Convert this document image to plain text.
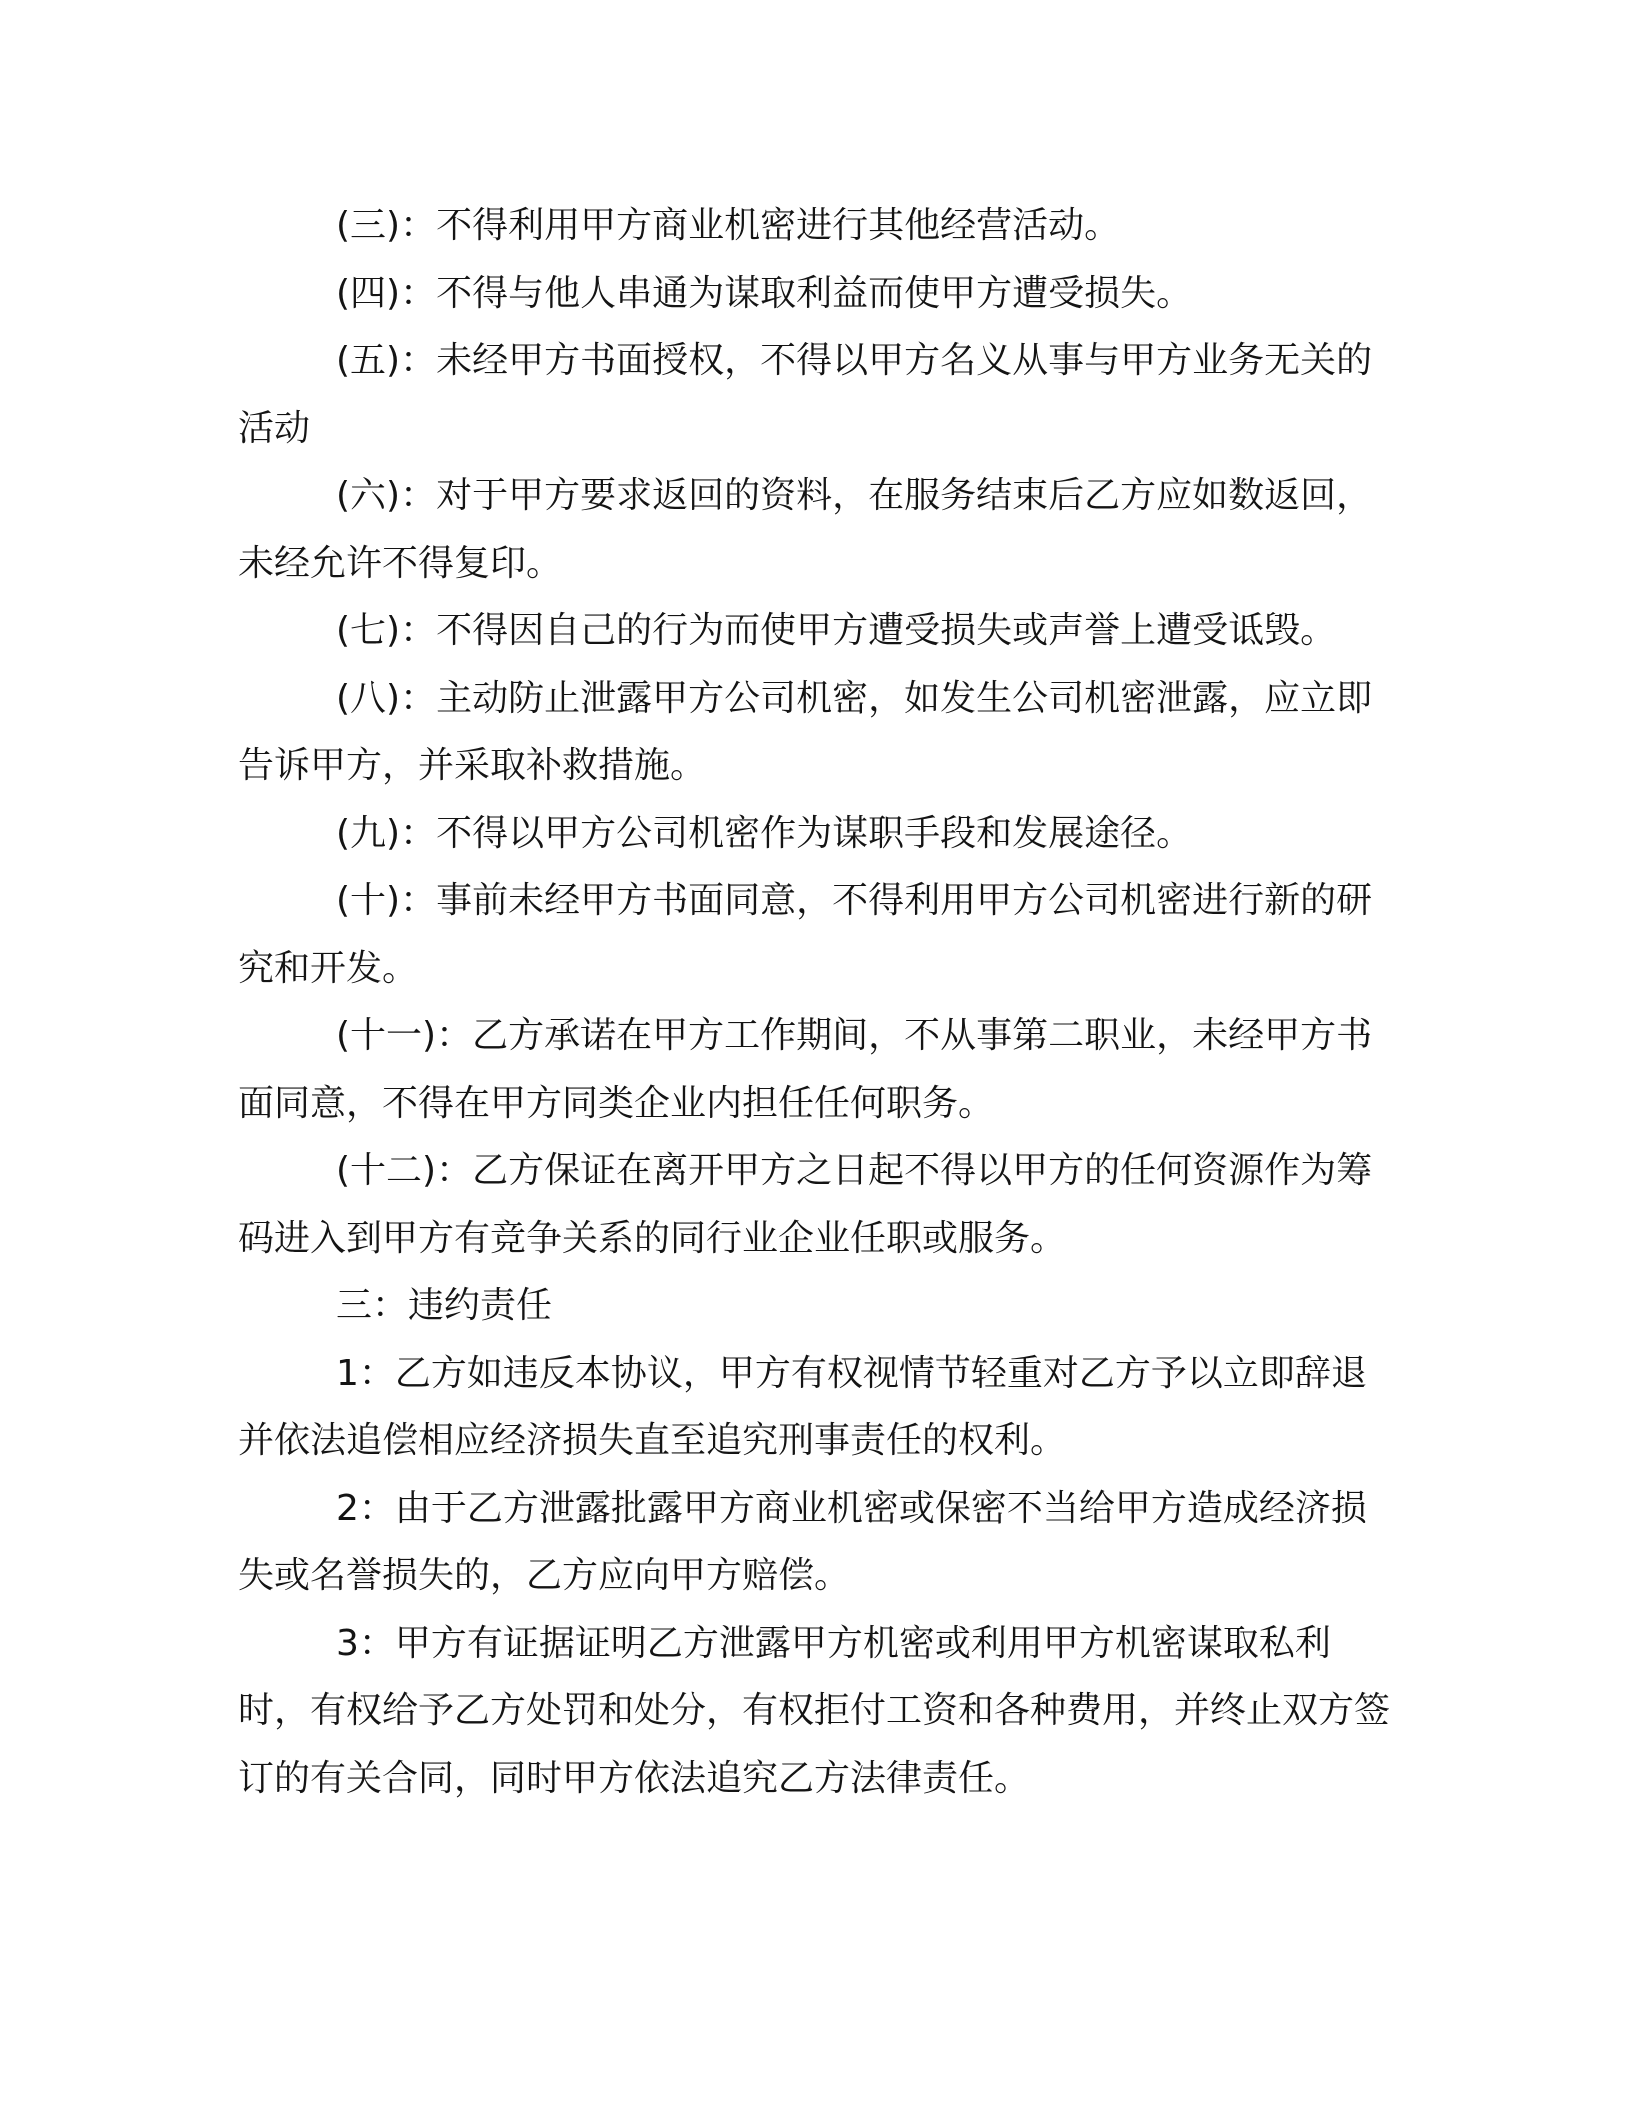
(三)：不得利用甲方商业机密进行其他经营活动。

(四)：不得与他人串通为谋取利益而使甲方遭受损失。

(五)：未经甲方书面授权，不得以甲方名义从事与甲方业务无关的活动

(六)：对于甲方要求返回的资料，在服务结束后乙方应如数返回，未经允许不得复印。

(七)：不得因自己的行为而使甲方遭受损失或声誉上遭受诋毁。

(八)：主动防止泄露甲方公司机密，如发生公司机密泄露，应立即告诉甲方，并采取补救措施。

(九)：不得以甲方公司机密作为谋职手段和发展途径。

(十)：事前未经甲方书面同意，不得利用甲方公司机密进行新的研究和开发。

(十一)：乙方承诺在甲方工作期间，不从事第二职业，未经甲方书面同意，不得在甲方同类企业内担任任何职务。

(十二)：乙方保证在离开甲方之日起不得以甲方的任何资源作为筹码进入到甲方有竞争关系的同行业企业任职或服务。

三：违约责任

1：乙方如违反本协议，甲方有权视情节轻重对乙方予以立即辞退并依法追偿相应经济损失直至追究刑事责任的权利。

2：由于乙方泄露批露甲方商业机密或保密不当给甲方造成经济损失或名誉损失的，乙方应向甲方赔偿。

3：甲方有证据证明乙方泄露甲方机密或利用甲方机密谋取私利时，有权给予乙方处罚和处分，有权拒付工资和各种费用，并终止双方签订的有关合同，同时甲方依法追究乙方法律责任。
